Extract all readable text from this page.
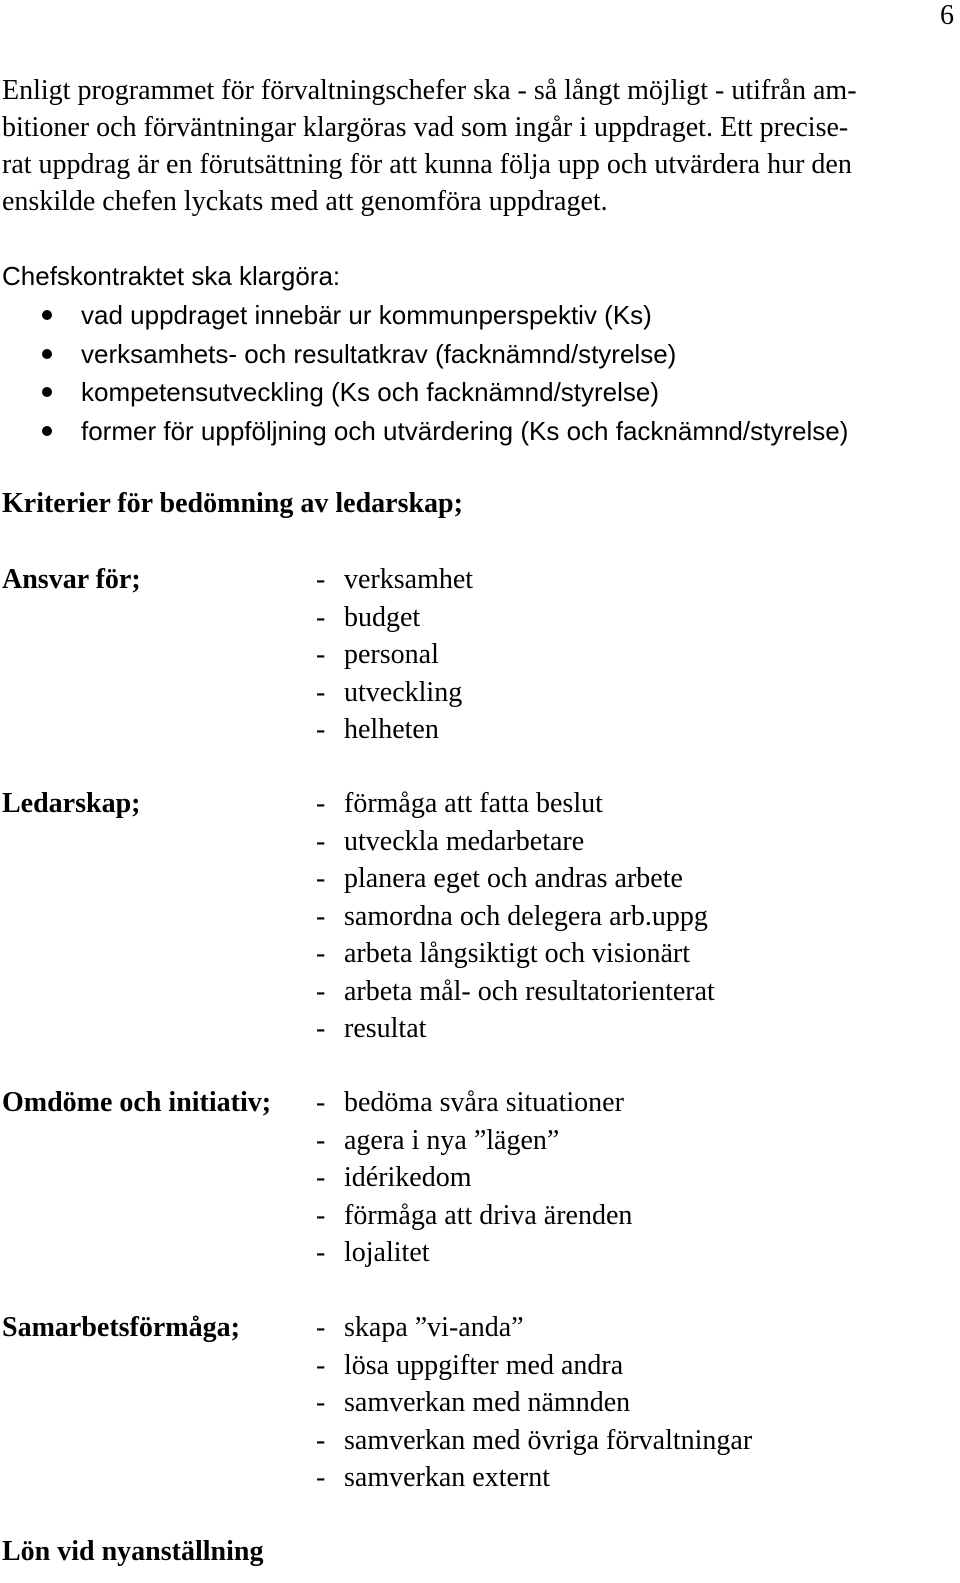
6

Enligt programmet för förvaltningschefer ska - så långt möjligt - utifrån am-
bitioner och förväntningar klargöras vad som ingår i uppdraget. Ett precise-
rat uppdrag är en förutsättning för att kunna följa upp och utvärdera hur den
enskilde chefen lyckats med att genomföra uppdraget.

Chefskontraktet ska klargöra:
vad uppdraget innebär ur kommunperspektiv (Ks)
verksamhets- och resultatkrav (facknämnd/styrelse)
kompetensutveckling (Ks och facknämnd/styrelse)
former för uppföljning och utvärdering (Ks och facknämnd/styrelse)
Kriterier för bedömning av ledarskap;
Ansvar för;	- verksamhet
- budget
- personal
- utveckling
- helheten
Ledarskap;	- förmåga att fatta beslut
- utveckla medarbetare
- planera eget och andras arbete
- samordna och delegera arb.uppg
- arbeta långsiktigt och visionärt
- arbeta mål- och resultatorienterat
- resultat
Omdöme och initiativ; - bedöma svåra situationer
- agera i nya ”lägen”
- idérikedom
- förmåga att driva ärenden
- lojalitet
Samarbetsförmåga;	- skapa ”vi-anda”
- lösa uppgifter med andra
- samverkan med nämnden
- samverkan med övriga förvaltningar
- samverkan externt
Lön vid nyanställning
